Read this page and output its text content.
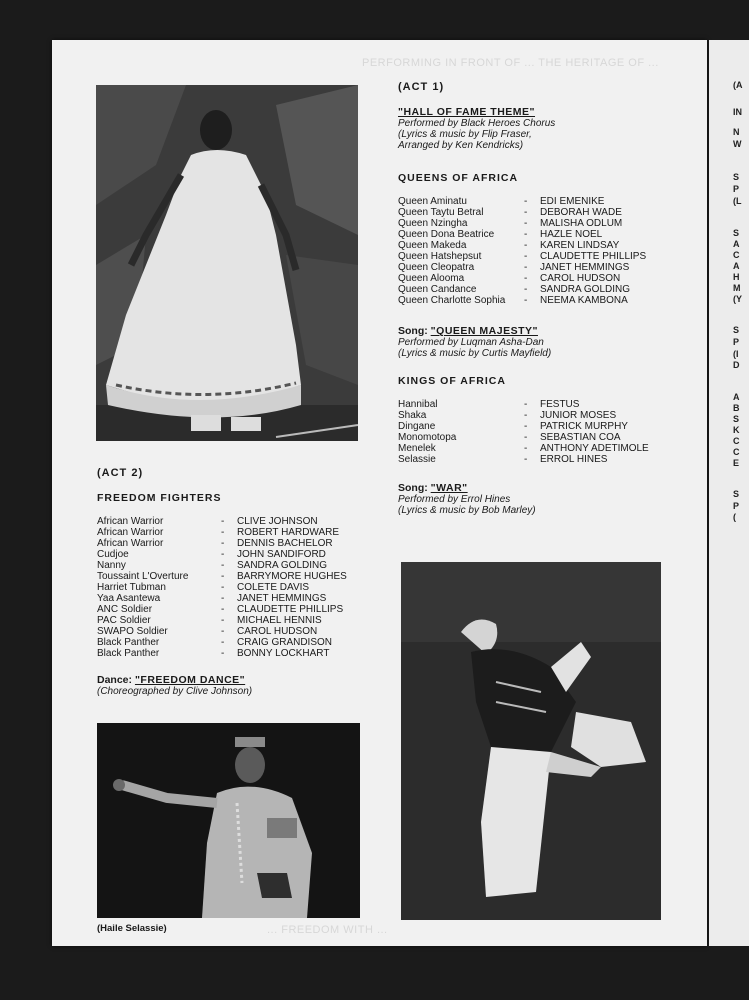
PERFORMING IN FRONT OF ... THE HERITAGE OF ...
(ACT 1)
"HALL OF FAME THEME"
Performed by Black Heroes Chorus
(Lyrics & music by Flip Fraser,
Arranged by Ken Kendricks)
QUEENS OF AFRICA
Queen Aminatu	-	EDI EMENIKE
Queen Taytu Betral	-	DEBORAH WADE
Queen Nzingha	-	MALISHA ODLUM
Queen Dona Beatrice	-	HAZLE NOEL
Queen Makeda	-	KAREN LINDSAY
Queen Hatshepsut	-	CLAUDETTE PHILLIPS
Queen Cleopatra	-	JANET HEMMINGS
Queen Alooma	-	CAROL HUDSON
Queen Candance	-	SANDRA GOLDING
Queen Charlotte Sophia	-	NEEMA KAMBONA
Song: "QUEEN MAJESTY"
Performed by Luqman Asha-Dan
(Lyrics & music by Curtis Mayfield)
KINGS OF AFRICA
Hannibal	-	FESTUS
Shaka	-	JUNIOR MOSES
Dingane	-	PATRICK MURPHY
Monomotopa	-	SEBASTIAN COA
Menelek	-	ANTHONY ADETIMOLE
Selassie	-	ERROL HINES
Song: "WAR"
Performed by Errol Hines
(Lyrics & music by Bob Marley)
(ACT 2)
FREEDOM FIGHTERS
African Warrior	-	CLIVE JOHNSON
African Warrior	-	ROBERT HARDWARE
African Warrior	-	DENNIS BACHELOR
Cudjoe	-	JOHN SANDIFORD
Nanny	-	SANDRA GOLDING
Toussaint L'Overture	-	BARRYMORE HUGHES
Harriet Tubman	-	COLETE DAVIS
Yaa Asantewa	-	JANET HEMMINGS
ANC Soldier	-	CLAUDETTE PHILLIPS
PAC Soldier	-	MICHAEL HENNIS
SWAPO Soldier	-	CAROL HUDSON
Black Panther	-	CRAIG GRANDISON
Black Panther	-	BONNY LOCKHART
Dance: "FREEDOM DANCE"
(Choreographed by Clive Johnson)
(Haile Selassie)	... FREEDOM WITH ...
(A
IN
N
W
S
P
(L
S
A
C
A
H
M
(Y
S
P
(I
D
A
B
S
K
C
C
E
S
P
(
